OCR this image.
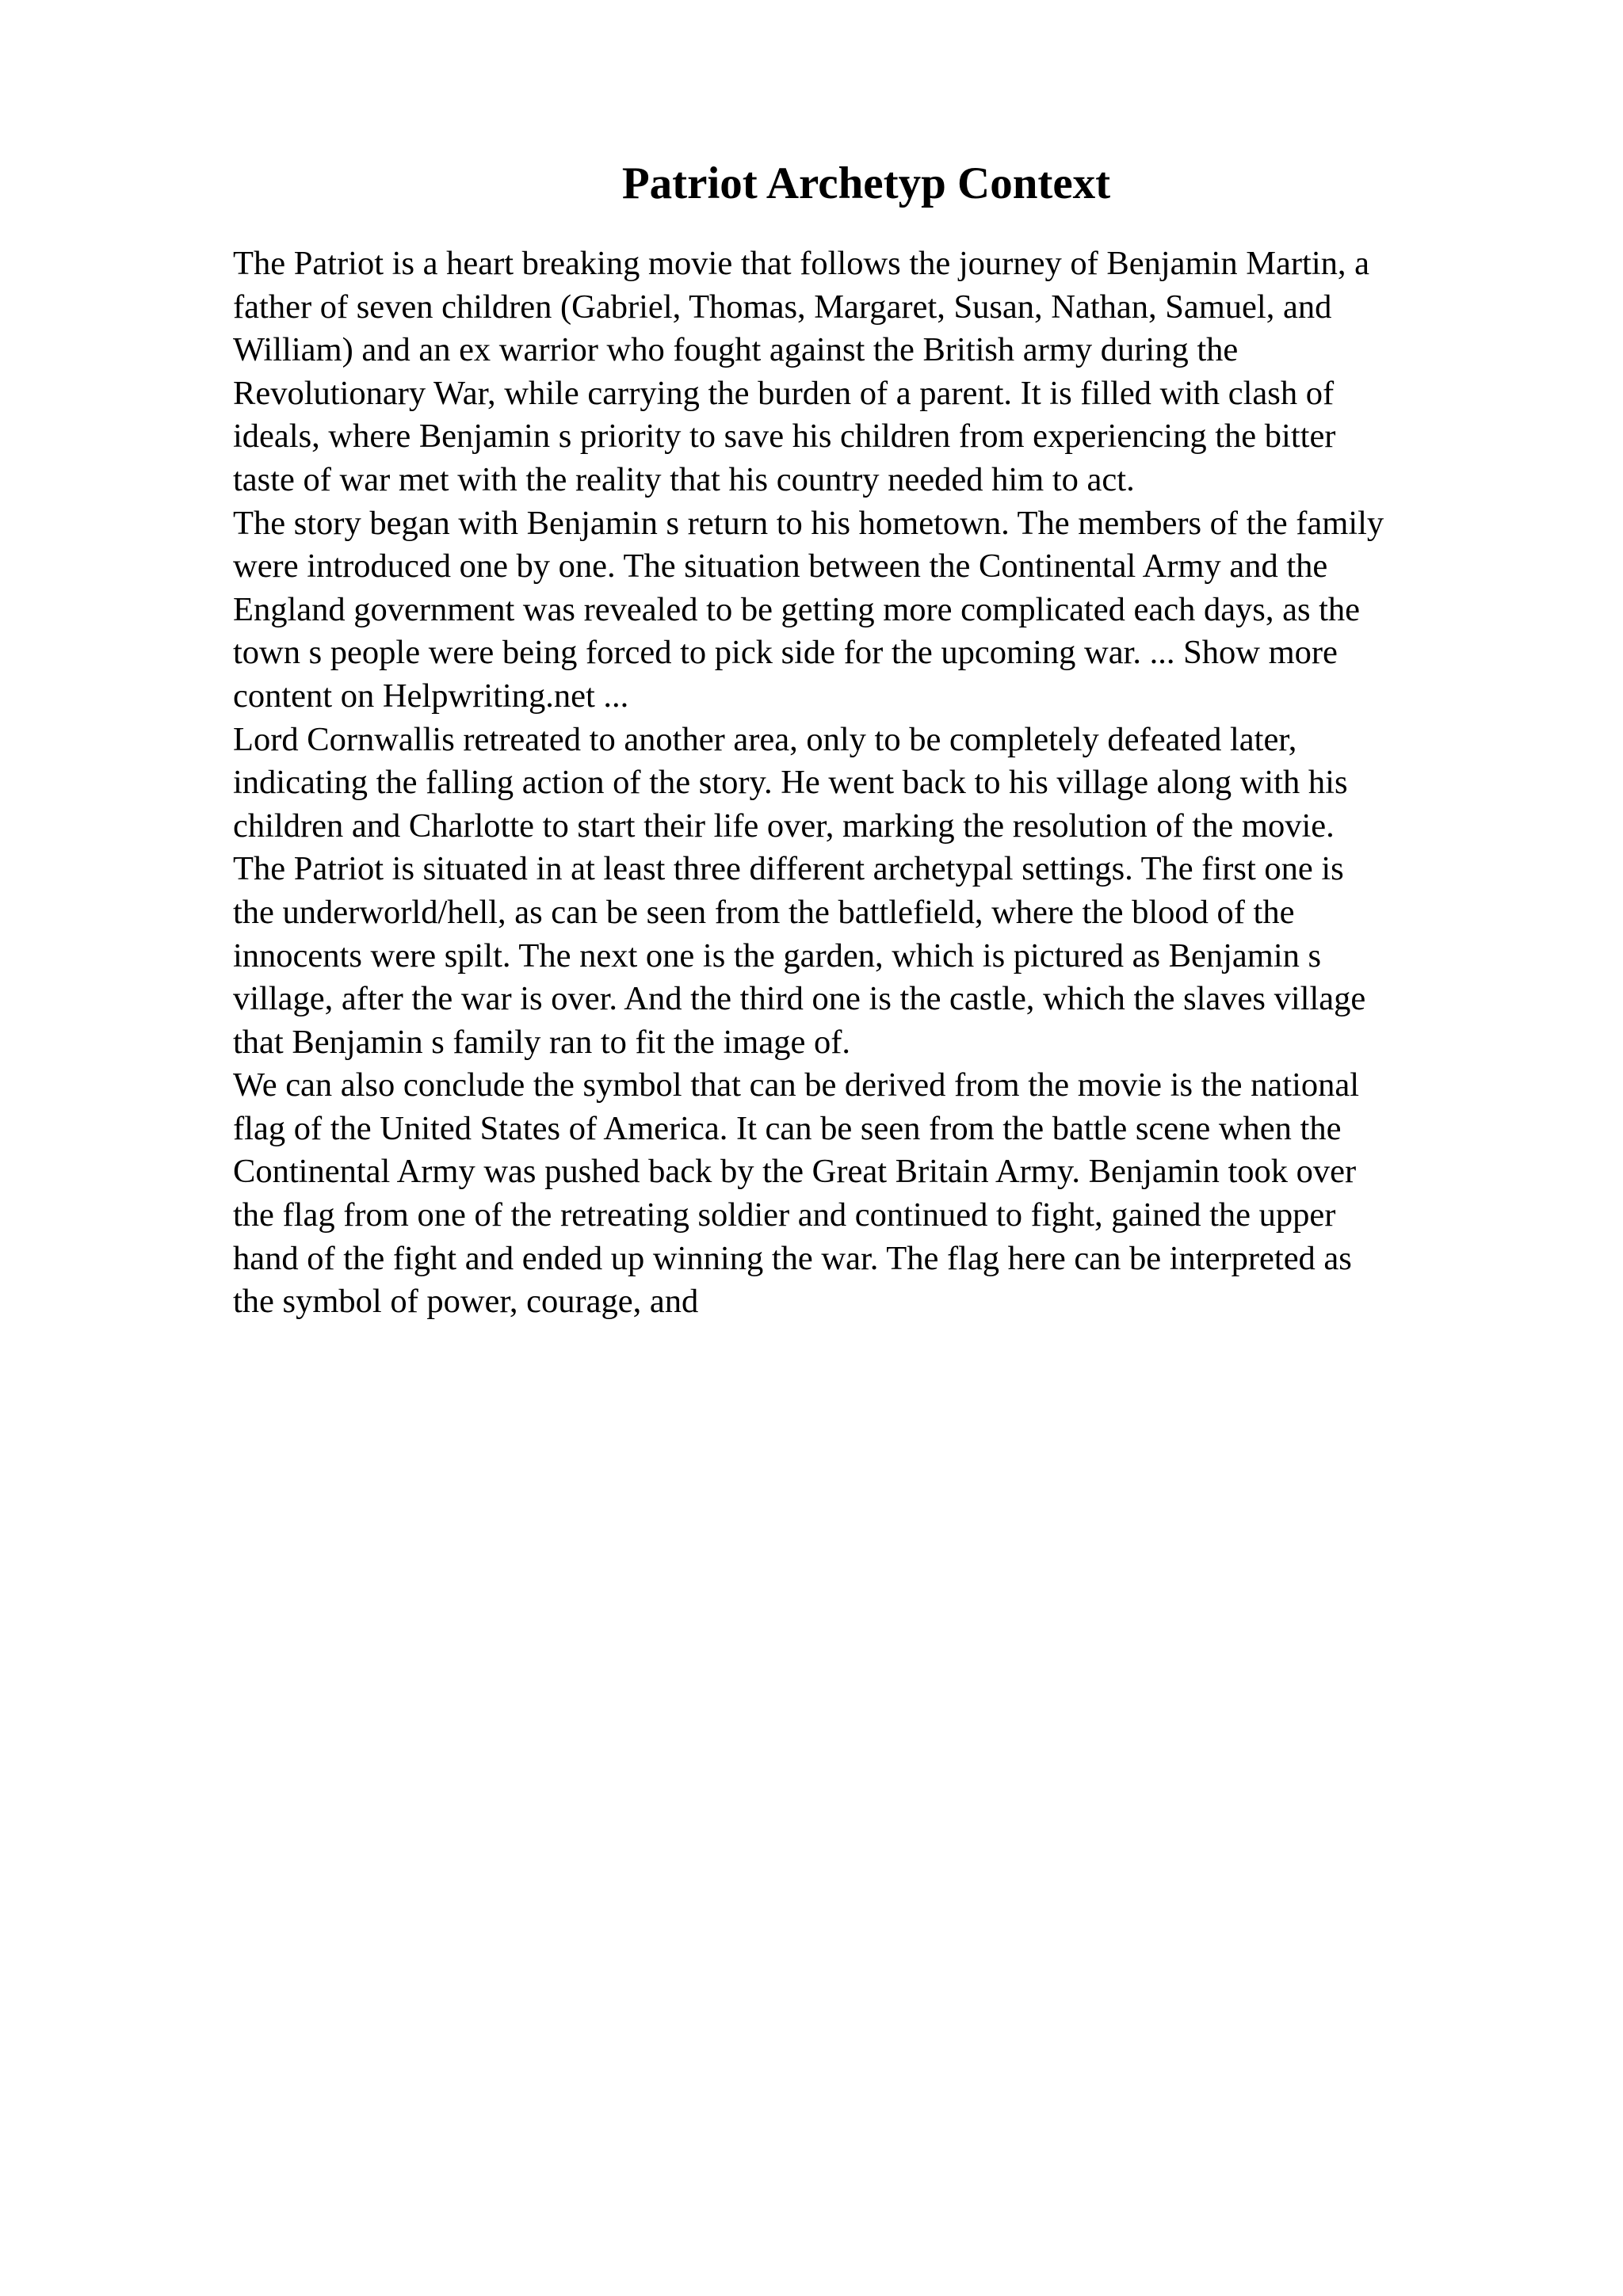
Patriot Archetyp Context
The Patriot is a heart breaking movie that follows the journey of Benjamin Martin, a
father of seven children (Gabriel, Thomas, Margaret, Susan, Nathan, Samuel, and
William) and an ex warrior who fought against the British army during the
Revolutionary War, while carrying the burden of a parent. It is filled with clash of
ideals, where Benjamin s priority to save his children from experiencing the bitter
taste of war met with the reality that his country needed him to act.
The story began with Benjamin s return to his hometown. The members of the family
were introduced one by one. The situation between the Continental Army and the
England government was revealed to be getting more complicated each days, as the
town s people were being forced to pick side for the upcoming war. ... Show more
content on Helpwriting.net ...
Lord Cornwallis retreated to another area, only to be completely defeated later,
indicating the falling action of the story. He went back to his village along with his
children and Charlotte to start their life over, marking the resolution of the movie.
The Patriot is situated in at least three different archetypal settings. The first one is
the underworld/hell, as can be seen from the battlefield, where the blood of the
innocents were spilt. The next one is the garden, which is pictured as Benjamin s
village, after the war is over. And the third one is the castle, which the slaves village
that Benjamin s family ran to fit the image of.
We can also conclude the symbol that can be derived from the movie is the national
flag of the United States of America. It can be seen from the battle scene when the
Continental Army was pushed back by the Great Britain Army. Benjamin took over
the flag from one of the retreating soldier and continued to fight, gained the upper
hand of the fight and ended up winning the war. The flag here can be interpreted as
the symbol of power, courage, and
